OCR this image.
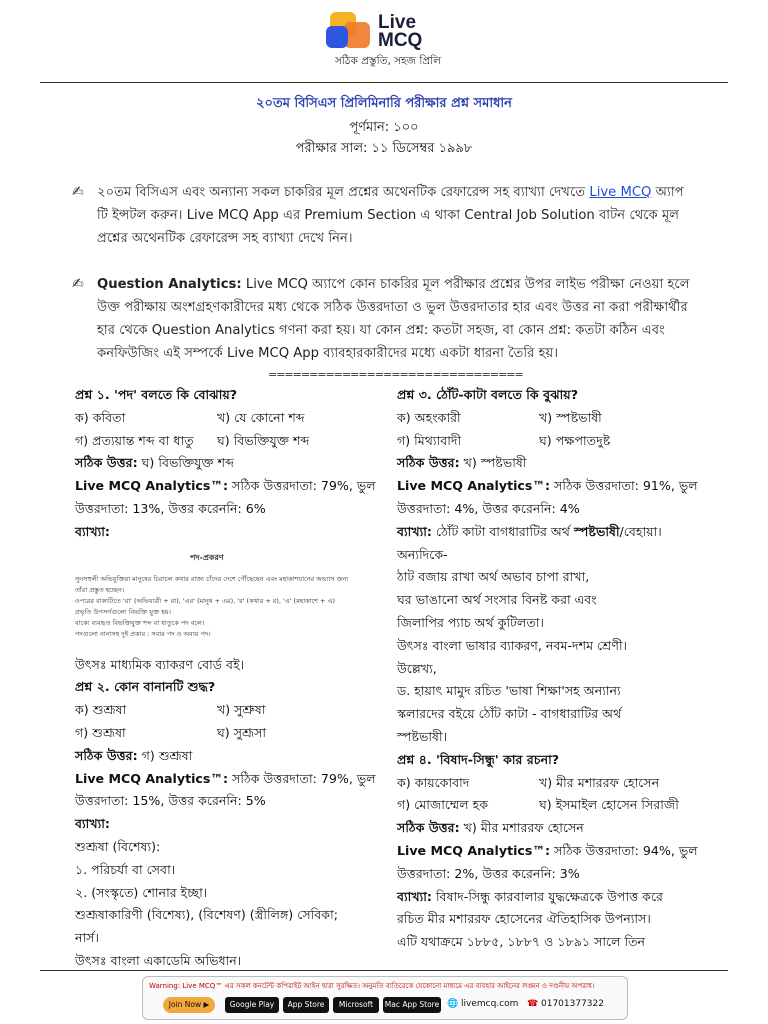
Live
MCQ
সঠিক প্রস্তুতি, সহজ প্রিলি
২০তম বিসিএস প্রিলিমিনারি পরীক্ষার প্রশ্ন সমাধান
পূর্ণমান: ১০০
পরীক্ষার সাল: ১১ ডিসেম্বর ১৯৯৮
✍ ২০তম বিসিএস এবং অন্যান্য সকল চাকরির মূল প্রশ্নের অথেনটিক রেফারেন্স সহ ব্যাখ্যা দেখতে Live MCQ অ্যাপ টি ইন্সটল করুন। Live MCQ App এর Premium Section এ থাকা Central Job Solution বাটন থেকে মূল প্রশ্নের অথেনটিক রেফারেন্স সহ ব্যাখ্যা দেখে নিন।
✍ Question Analytics: Live MCQ অ্যাপে কোন চাকরির মূল পরীক্ষার প্রশ্নের উপর লাইভ পরীক্ষা নেওয়া হলে উক্ত পরীক্ষায় অংশগ্রহণকারীদের মধ্য থেকে সঠিক উত্তরদাতা ও ভুল উত্তরদাতার হার এবং উত্তর না করা পরীক্ষার্থীর হার থেকে Question Analytics গণনা করা হয়। যা কোন প্রশ্ন: কতটা সহজ, বা কোন প্রশ্ন: কতটা কঠিন এবং কনফিউজিং এই সম্পর্কে Live MCQ App ব্যাবহারকারীদের মধ্যে একটা ধারনা তৈরি হয়।
===============================
প্রশ্ন ১. 'পদ' বলতে কি বোঝায়?
ক) কবিতা	খ) যে কোনো শব্দ
গ) প্রত্যয়ান্ত শব্দ বা ধাতু	ঘ) বিভক্তিযুক্ত শব্দ
সঠিক উত্তর: ঘ) বিভক্তিযুক্ত শব্দ
Live MCQ Analytics™: সঠিক উত্তরদাতা: 79%, ভুল
উত্তরদাতা: 13%, উত্তর করেননি: 6%
ব্যাখ্যা:
পদ-প্রকরণ
সুনসহুলী অভিযুক্তিরা মানুষের চিরাচল কথার রাজ্য চাঁদের দেশে পৌঁছেছেন এবং মহাকাশযানের অভ্যাস জন্য
তাঁরা প্রস্তুত হচ্ছেন।
ওপরের বাক্যটিতে 'রা' (অভিযাত্রী + রা), 'এর' (মানুষ + এর), 'র' (কথার + র), 'এ' (মহাকাশে + এ)
প্রভৃতি উপসর্গগুলো বিভক্তি যুক্ত হয়।
বাক্যে ব্যবহৃত বিভক্তিযুক্ত শব্দ বা ধাতুকে পদ বলে।
পদগুলো নানাসহ দুই প্রকার : সবার পদ ও অব্যয় পদ।
উৎসঃ মাধ্যমিক ব্যাকরণ বোর্ড বই।
প্রশ্ন ২. কোন বানানটি শুদ্ধ?
ক) শুশ্রূষা	খ) সুশ্রুষা
গ) শুশ্রূষা	ঘ) সুশ্রূসা
সঠিক উত্তর: গ) শুশ্রূষা
Live MCQ Analytics™: সঠিক উত্তরদাতা: 79%, ভুল
উত্তরদাতা: 15%, উত্তর করেননি: 5%
ব্যাখ্যা:
শুশ্রূষা (বিশেষ্য):
১. পরিচর্যা বা সেবা।
২. (সংস্কৃতে) শোনার ইচ্ছা।
শুশ্রূষাকারিণী (বিশেষ্য), (বিশেষণ) (স্ত্রীলিঙ্গ) সেবিকা;
নার্স।
উৎসঃ বাংলা একাডেমি অভিধান।
প্রশ্ন ৩. ঠোঁট-কাটা বলতে কি বুঝায়?
ক) অহংকারী	খ) স্পষ্টভাষী
গ) মিথ্যাবাদী	ঘ) পক্ষপাতদুষ্ট
সঠিক উত্তর: খ) স্পষ্টভাষী
Live MCQ Analytics™: সঠিক উত্তরদাতা: 91%, ভুল
উত্তরদাতা: 4%, উত্তর করেননি: 4%
ব্যাখ্যা: ঠোঁট কাটা বাগধারাটির অর্থ স্পষ্টভাষী/বেহায়া।
অন্যদিকে-
ঠাট বজায় রাখা অর্থ অভাব চাপা রাখা,
ঘর ভাঙানো অর্থ সংসার বিনষ্ট করা এবং
জিলাপির প্যাচ অর্থ কুটিলতা।
উৎসঃ বাংলা ভাষার ব্যাকরণ, নবম-দশম শ্রেণী।
উল্লেখ্য,
ড. হায়াৎ মামুদ রচিত 'ভাষা শিক্ষা'সহ অন্যান্য
স্কলারদের বইয়ে ঠোঁট কাটা - বাগধারাটির অর্থ
স্পষ্টভাষী।
প্রশ্ন ৪. 'বিষাদ-সিন্ধু' কার রচনা?
ক) কায়কোবাদ	খ) মীর মশাররফ হোসেন
গ) মোজাম্মেল হক	ঘ) ইসমাইল হোসেন সিরাজী
সঠিক উত্তর: খ) মীর মশাররফ হোসেন
Live MCQ Analytics™: সঠিক উত্তরদাতা: 94%, ভুল
উত্তরদাতা: 2%, উত্তর করেননি: 3%
ব্যাখ্যা: বিষাদ-সিন্ধু কারবালার যুদ্ধক্ষেত্রকে উপাত্ত করে
রচিত মীর মশাররফ হোসেনের ঐতিহাসিক উপন্যাস।
এটি যথাক্রমে ১৮৮৫, ১৮৮৭ ও ১৮৯১ সালে তিন
Warning: Live MCQ™ এর সকল কনটেন্ট কপিরাইট আইন দ্বারা সুরক্ষিত। অনুমতি ব্যতিরেকে যেকোনো মাধ্যমে এর ব্যবহার আইনের লঙ্ঘন ও দণ্ডনীয় অপরাধ।
Join Now ▶	Google Play	App Store	Microsoft	Mac App Store 🌐 livemcq.com ☎ 01701377322
